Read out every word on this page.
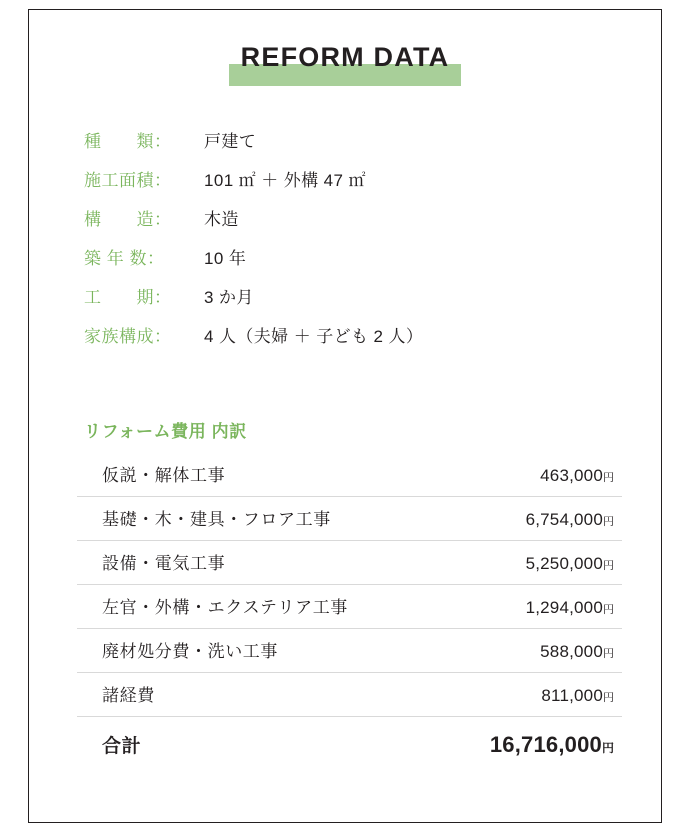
REFORM DATA
種　　類：	戸建て
施工面積：	101 ㎡ ＋ 外構 47 ㎡
構　　造：	木造
築 年 数：	10 年
工　　期：	3 か月
家族構成：	4 人（夫婦 ＋ 子ども 2 人）
リフォーム費用 内訳
仮説・解体工事	463,000円
基礎・木・建具・フロア工事	6,754,000円
設備・電気工事	5,250,000円
左官・外構・エクステリア工事	1,294,000円
廃材処分費・洗い工事	588,000円
諸経費	811,000円
合計	16,716,000円
